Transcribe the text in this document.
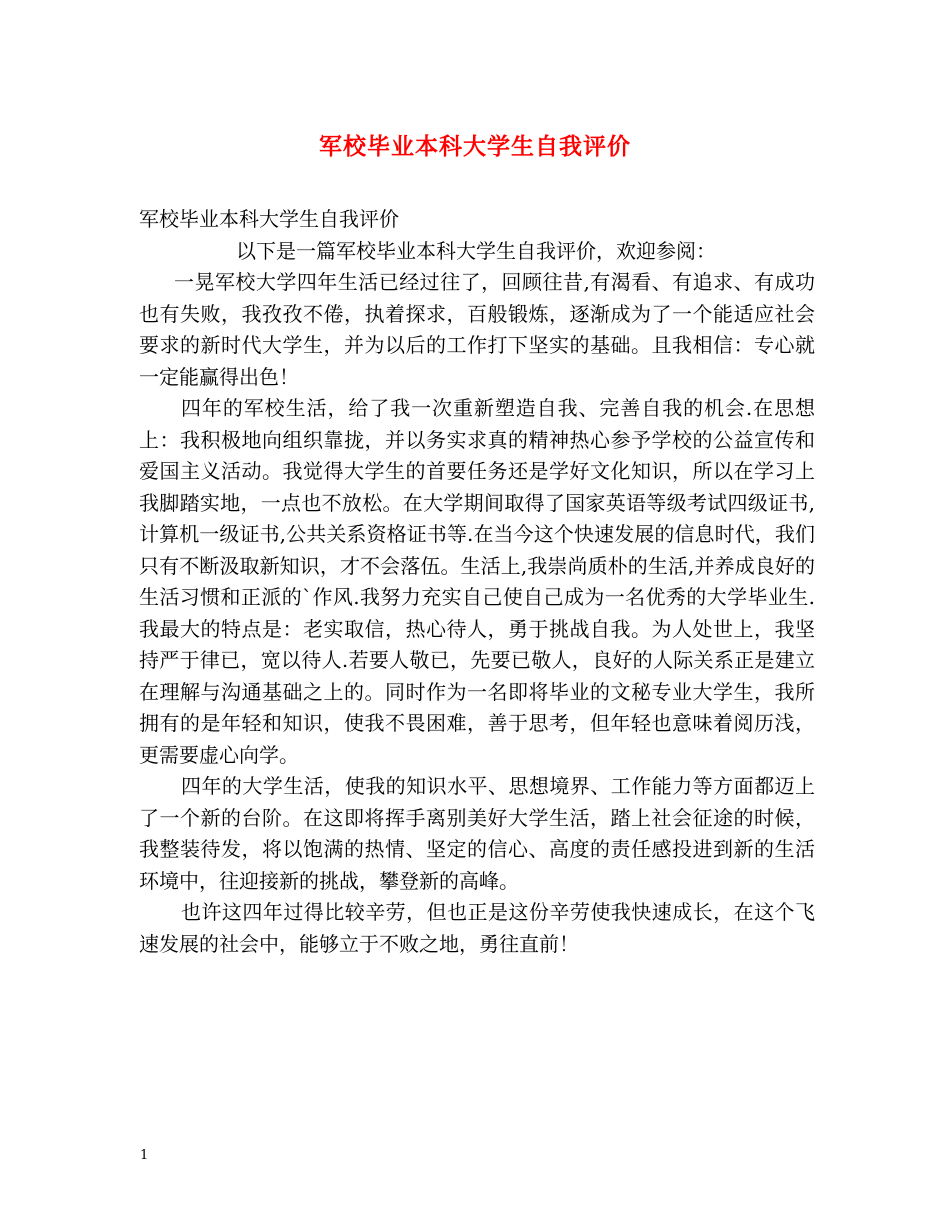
军校毕业本科大学生自我评价

军校毕业本科大学生自我评价

以下是一篇军校毕业本科大学生自我评价，欢迎参阅：

一晃军校大学四年生活已经过往了，回顾往昔,有渴看、有追求、有成功也有失败，我孜孜不倦，执着探求，百般锻炼，逐渐成为了一个能适应社会要求的新时代大学生，并为以后的工作打下坚实的基础。且我相信：专心就一定能赢得出色！

四年的军校生活，给了我一次重新塑造自我、完善自我的机会.在思想上：我积极地向组织靠拢，并以务实求真的精神热心参予学校的公益宣传和爱国主义活动。我觉得大学生的首要任务还是学好文化知识，所以在学习上我脚踏实地，一点也不放松。在大学期间取得了国家英语等级考试四级证书,计算机一级证书,公共关系资格证书等.在当今这个快速发展的信息时代，我们只有不断汲取新知识，才不会落伍。生活上,我崇尚质朴的生活,并养成良好的生活习惯和正派的`作风.我努力充实自己使自己成为一名优秀的大学毕业生.我最大的特点是：老实取信，热心待人，勇于挑战自我。为人处世上，我坚持严于律已，宽以待人.若要人敬已，先要已敬人，良好的人际关系正是建立在理解与沟通基础之上的。同时作为一名即将毕业的文秘专业大学生，我所拥有的是年轻和知识，使我不畏困难，善于思考，但年轻也意味着阅历浅，更需要虚心向学。

四年的大学生活，使我的知识水平、思想境界、工作能力等方面都迈上了一个新的台阶。在这即将挥手离别美好大学生活，踏上社会征途的时候，我整装待发，将以饱满的热情、坚定的信心、高度的责任感投进到新的生活环境中，往迎接新的挑战，攀登新的高峰。

也许这四年过得比较辛劳，但也正是这份辛劳使我快速成长，在这个飞速发展的社会中，能够立于不败之地，勇往直前！

1
